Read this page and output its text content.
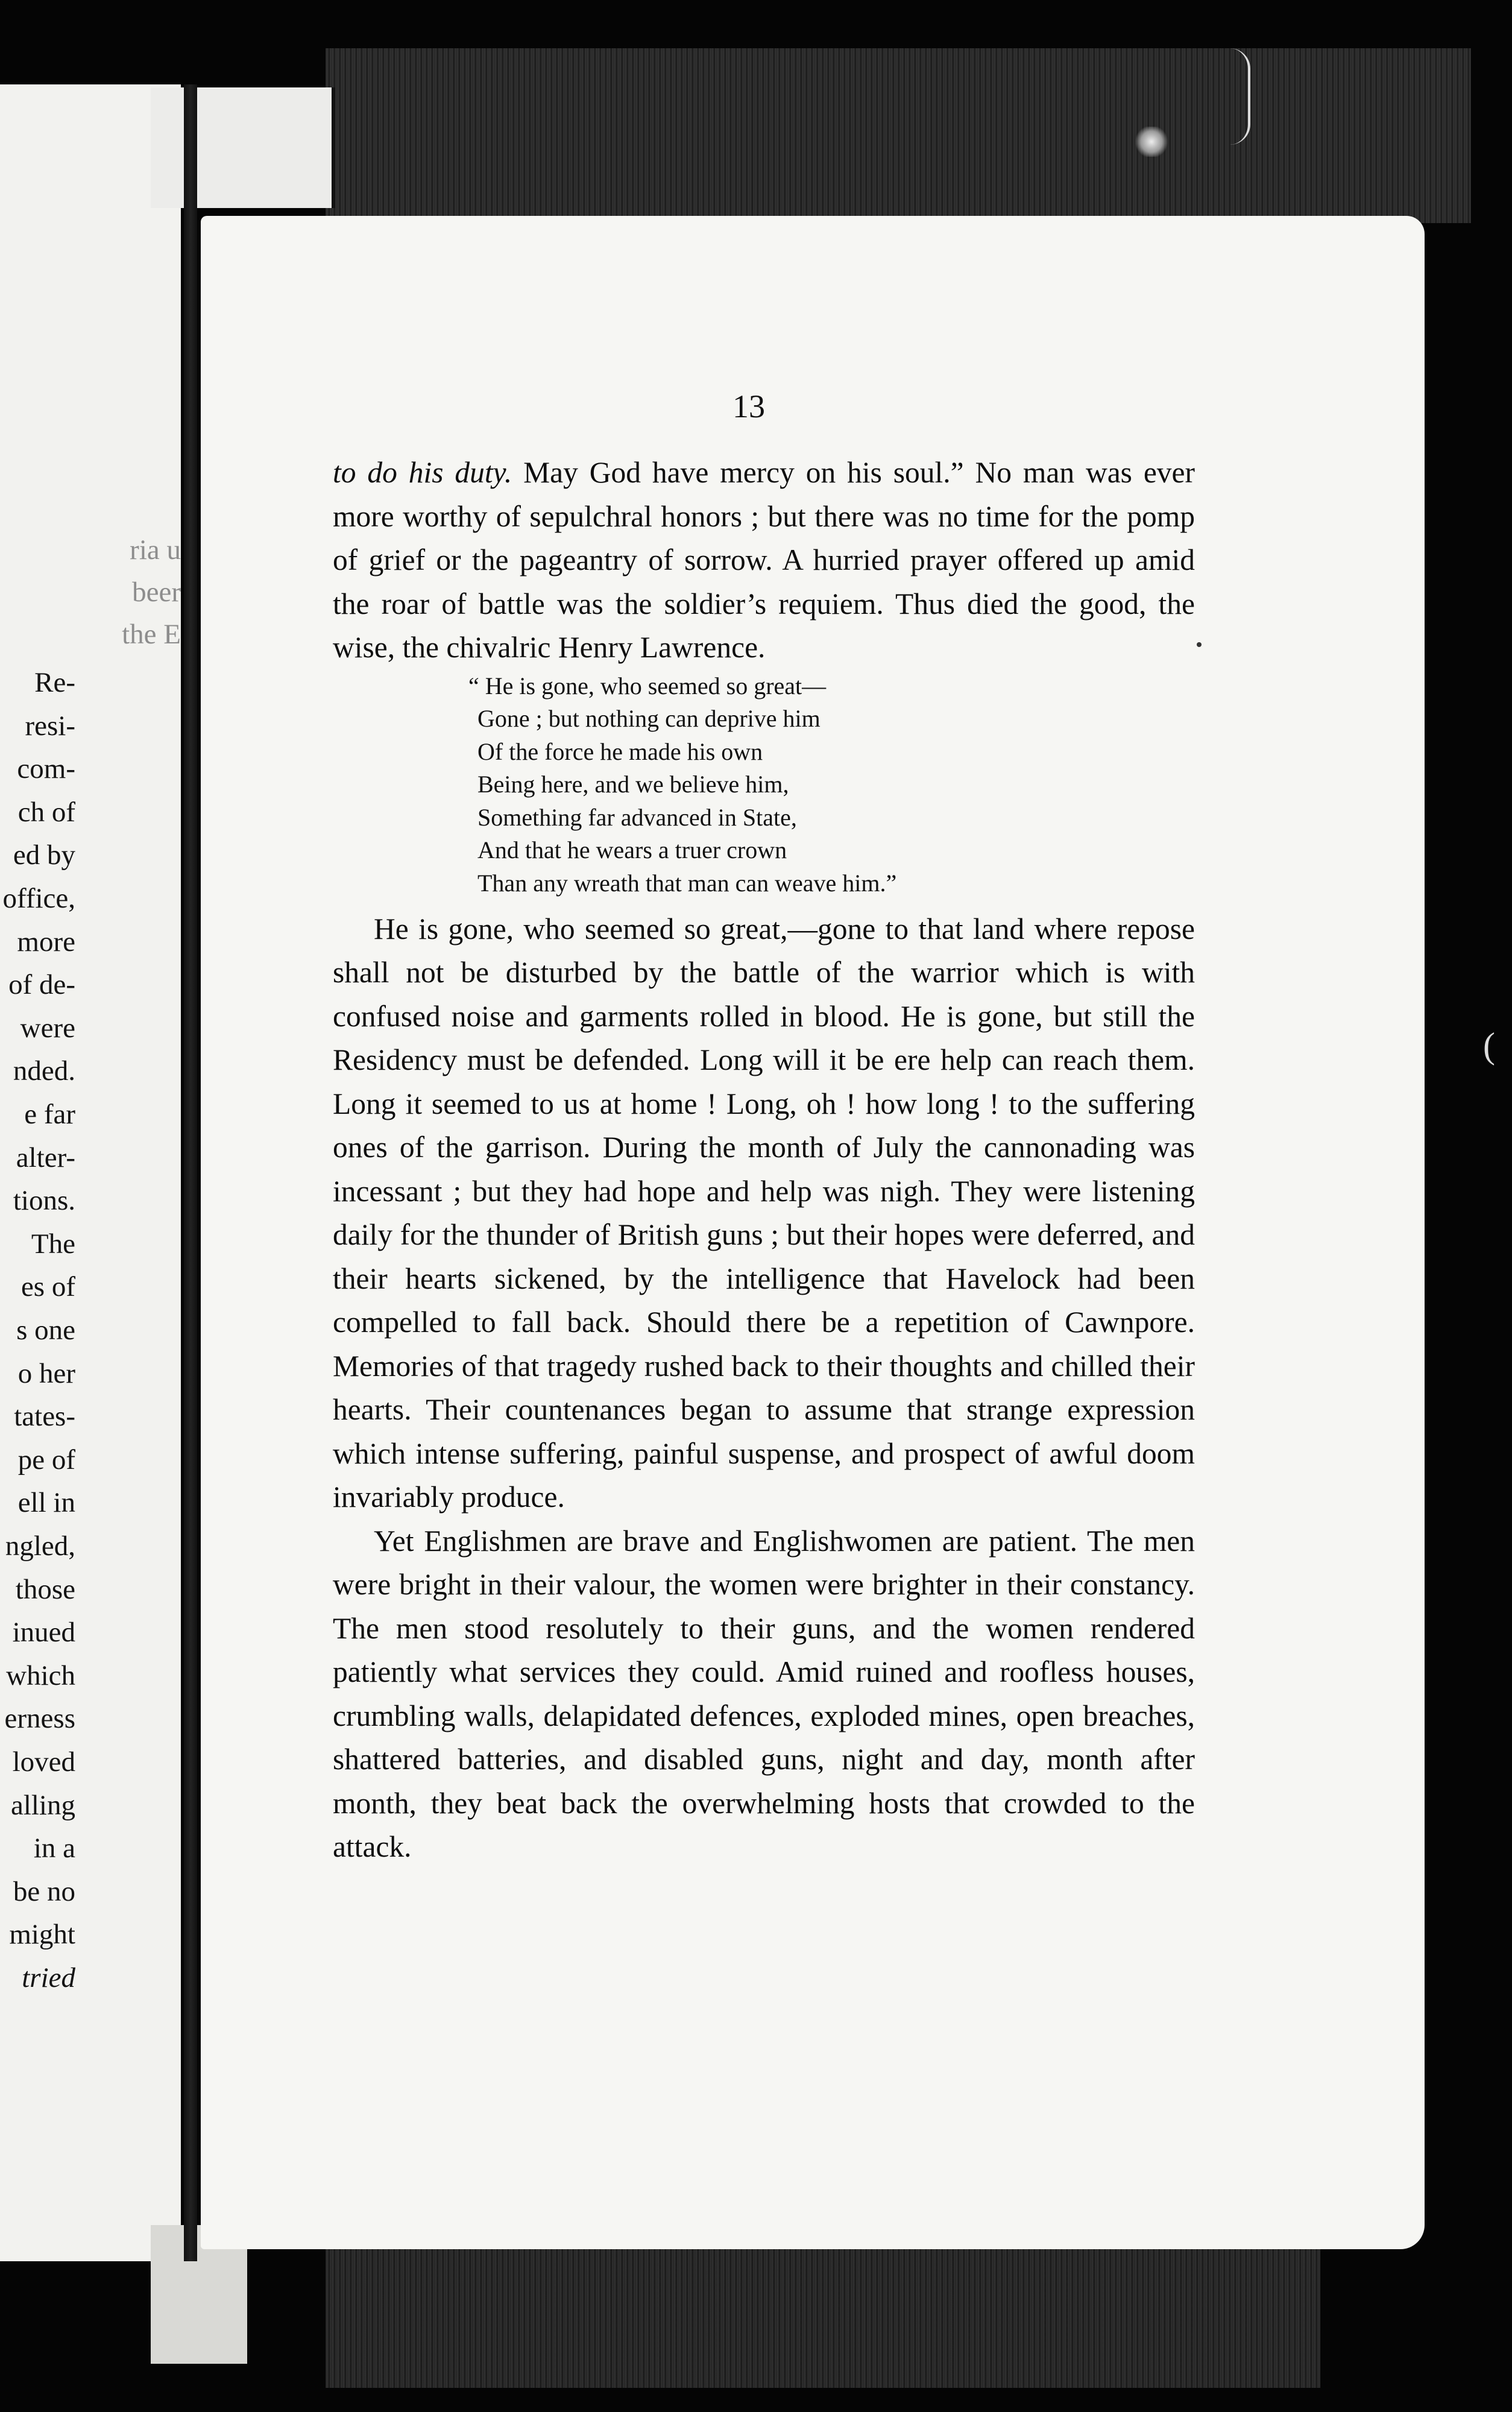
ria u
beer
the E
Re-
resi-
com-
ch of
ed by
office,
more
of de-
were
nded.
e far
alter-
tions.
The
es of
s one
o her
tates-
pe of
ell in
ngled,
those
inued
which
erness
loved
alling
in a
be no
might
tried
13

to do his duty. May God have mercy on his soul.” No man was ever more worthy of sepulchral honors ; but there was no time for the pomp of grief or the pageantry of sorrow. A hurried prayer offered up amid the roar of battle was the soldier’s requiem. Thus died the good, the wise, the chivalric Henry Lawrence.

“ He is gone, who seemed so great—
Gone ; but nothing can deprive him
Of the force he made his own
Being here, and we believe him,
Something far advanced in State,
And that he wears a truer crown
Than any wreath that man can weave him.”

He is gone, who seemed so great,—gone to that land where repose shall not be disturbed by the battle of the warrior which is with confused noise and garments rolled in blood. He is gone, but still the Residency must be defended. Long will it be ere help can reach them. Long it seemed to us at home ! Long, oh ! how long ! to the suffering ones of the garrison. During the month of July the cannonading was incessant ; but they had hope and help was nigh. They were listening daily for the thunder of British guns ; but their hopes were deferred, and their hearts sickened, by the intelligence that Havelock had been compelled to fall back. Should there be a repetition of Cawnpore. Memories of that tragedy rushed back to their thoughts and chilled their hearts. Their countenances began to assume that strange expression which intense suffering, painful suspense, and prospect of awful doom invariably produce.

Yet Englishmen are brave and Englishwomen are patient. The men were bright in their valour, the women were brighter in their constancy. The men stood resolutely to their guns, and the women rendered patiently what services they could. Amid ruined and roofless houses, crumbling walls, delapidated defences, exploded mines, open breaches, shattered batteries, and disabled guns, night and day, month after month, they beat back the overwhelming hosts that crowded to the attack.

(
